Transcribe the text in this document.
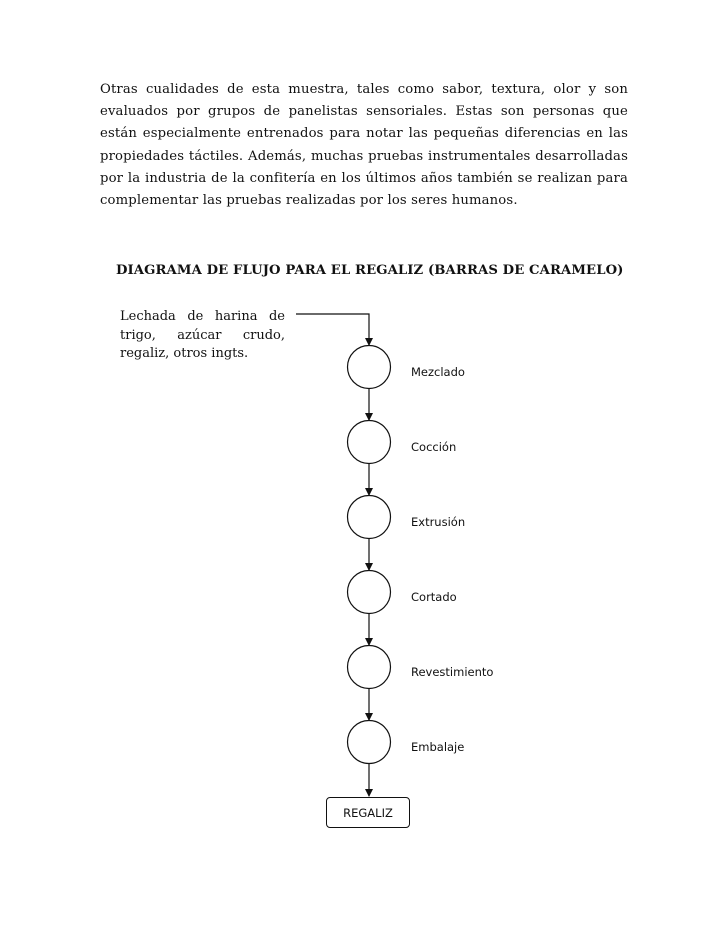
Otras cualidades de esta muestra, tales como sabor, textura, olor y son evaluados por grupos de panelistas sensoriales. Estas son personas que están especialmente entrenados para notar las pequeñas diferencias en las propiedades táctiles. Además, muchas pruebas instrumentales desarrolladas por la industria de la confitería en los últimos años también se realizan para complementar las pruebas realizadas por los seres humanos.

DIAGRAMA DE FLUJO PARA EL REGALIZ (BARRAS DE CARAMELO)

Lechada de harina de trigo, azúcar crudo, regaliz, otros ingts.

Mezclado
Cocción
Extrusión
Cortado
Revestimiento
Embalaje
REGALIZ
